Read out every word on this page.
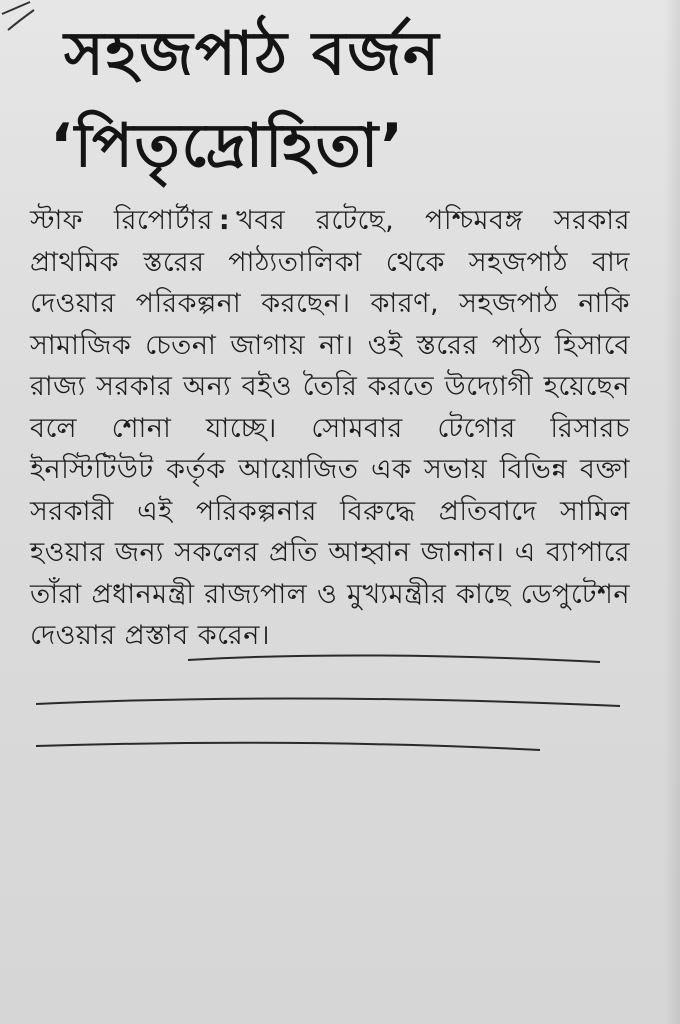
সহজপাঠ বর্জন
‘পিতৃদ্রোহিতা’
স্টাফ রিপোর্টার : খবর রটেছে, পশ্চিমবঙ্গ সরকার প্রাথমিক স্তরের পাঠ্যতালিকা থেকে সহজপাঠ বাদ দেওয়ার পরিকল্পনা করছেন। কারণ, সহজপাঠ নাকি সামাজিক চেতনা জাগায় না। ওই স্তরের পাঠ্য হিসাবে রাজ্য সরকার অন্য বইও তৈরি করতে উদ্যোগী হয়েছেন বলে শোনা যাচ্ছে। সোমবার টেগোর রিসারচ ইনস্টিটিউট কর্তৃক আয়োজিত এক সভায় বিভিন্ন বক্তা সরকারী এই পরিকল্পনার বিরুদ্ধে প্রতিবাদে সামিল হওয়ার জন্য সকলের প্রতি আহ্বান জানান। এ ব্যাপারে তাঁরা প্রধানমন্ত্রী রাজ্যপাল ও মুখ্যমন্ত্রীর কাছে ডেপুটেশন দেওয়ার প্রস্তাব করেন।
